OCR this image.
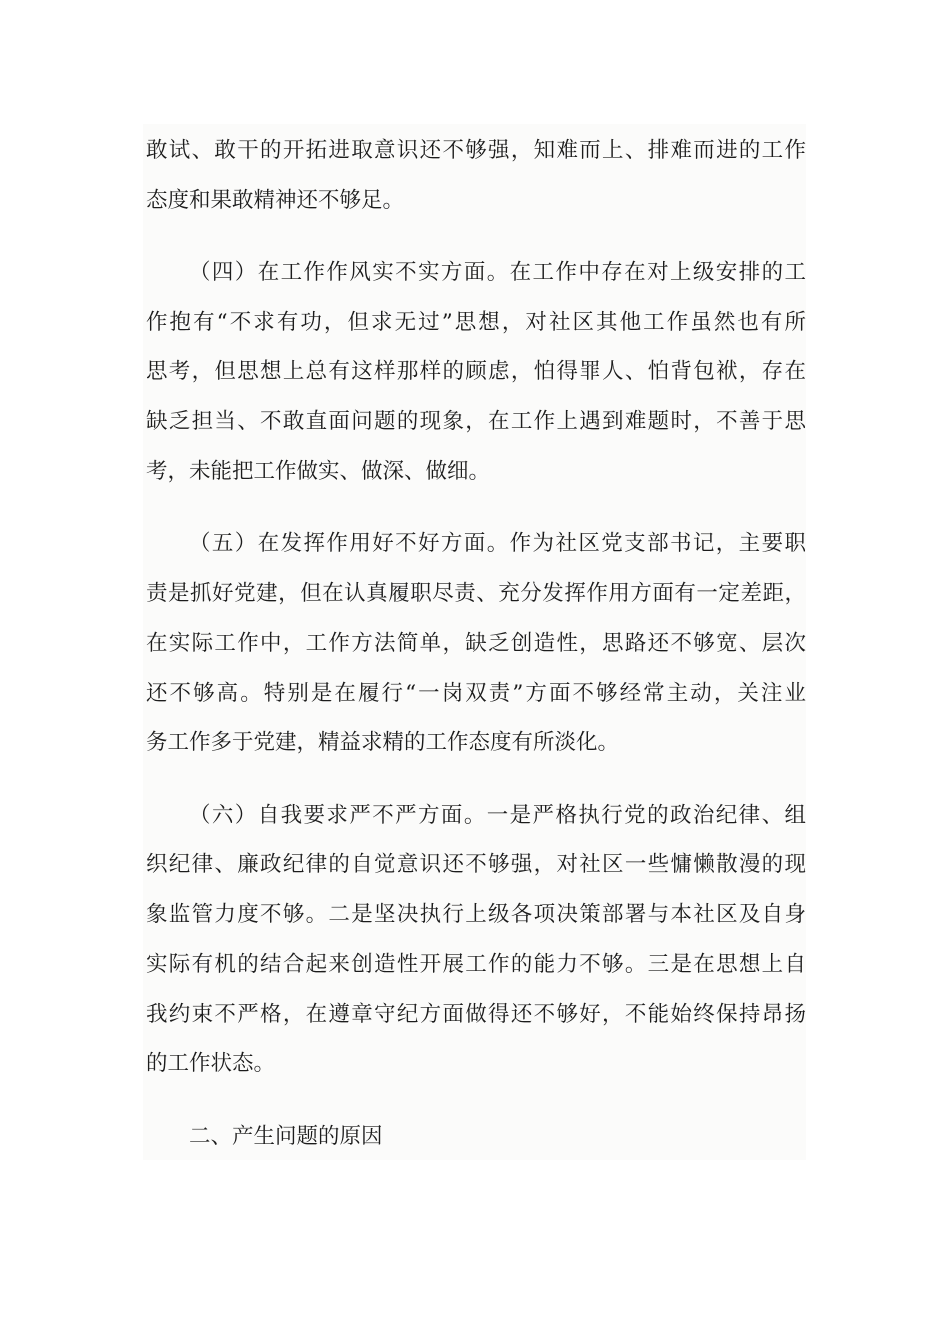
敢试、敢干的开拓进取意识还不够强，知难而上、排难而进的工作
态度和果敢精神还不够足。
（四）在工作作风实不实方面。在工作中存在对上级安排的工
作抱有“不求有功，但求无过”思想，对社区其他工作虽然也有所
思考，但思想上总有这样那样的顾虑，怕得罪人、怕背包袱，存在
缺乏担当、不敢直面问题的现象，在工作上遇到难题时，不善于思
考，未能把工作做实、做深、做细。
（五）在发挥作用好不好方面。作为社区党支部书记，主要职
责是抓好党建，但在认真履职尽责、充分发挥作用方面有一定差距，
在实际工作中，工作方法简单，缺乏创造性，思路还不够宽、层次
还不够高。特别是在履行“一岗双责”方面不够经常主动，关注业
务工作多于党建，精益求精的工作态度有所淡化。
（六）自我要求严不严方面。一是严格执行党的政治纪律、组
织纪律、廉政纪律的自觉意识还不够强，对社区一些慵懒散漫的现
象监管力度不够。二是坚决执行上级各项决策部署与本社区及自身
实际有机的结合起来创造性开展工作的能力不够。三是在思想上自
我约束不严格，在遵章守纪方面做得还不够好，不能始终保持昂扬
的工作状态。
二、产生问题的原因
